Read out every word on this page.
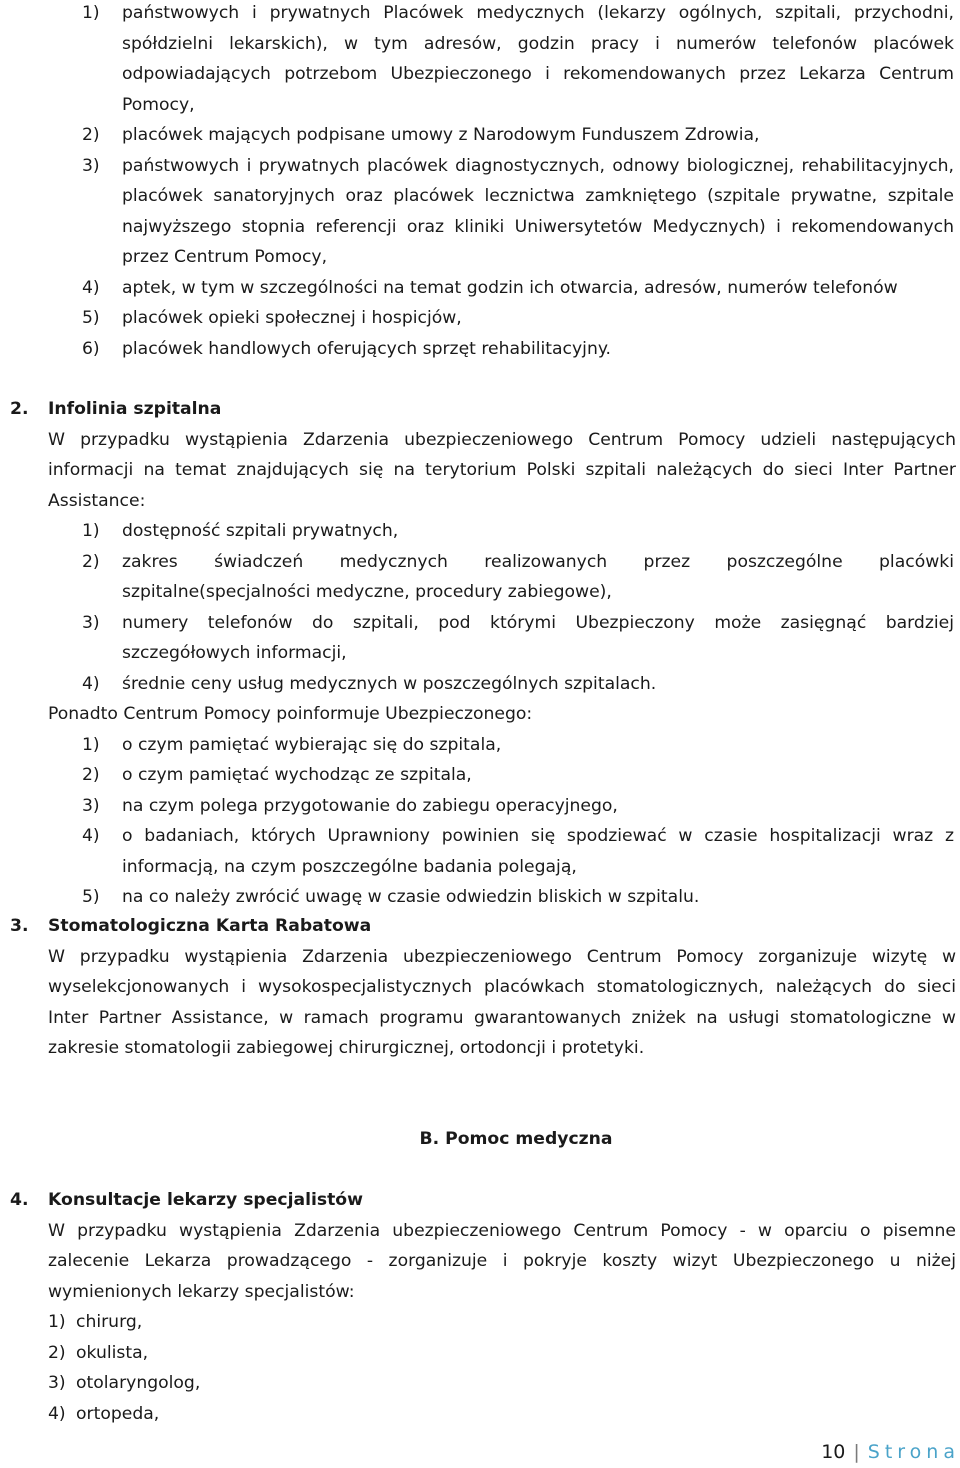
1)	państwowych i prywatnych Placówek medycznych (lekarzy ogólnych, szpitali, przychodni, spółdzielni lekarskich), w tym adresów, godzin pracy i numerów telefonów placówek odpowiadających potrzebom Ubezpieczonego i rekomendowanych przez Lekarza Centrum Pomocy,
2)	placówek mających podpisane umowy z Narodowym Funduszem Zdrowia,
3)	państwowych i prywatnych placówek diagnostycznych, odnowy biologicznej, rehabilitacyjnych, placówek sanatoryjnych oraz placówek lecznictwa zamkniętego (szpitale prywatne, szpitale najwyższego stopnia referencji oraz kliniki Uniwersytetów Medycznych) i rekomendowanych przez Centrum Pomocy,
4)	aptek, w tym w szczególności na temat godzin ich otwarcia, adresów, numerów telefonów
5)	placówek opieki społecznej i hospicjów,
6)	placówek handlowych oferujących sprzęt rehabilitacyjny.
2.	Infolinia szpitalna
W przypadku wystąpienia Zdarzenia ubezpieczeniowego Centrum Pomocy udzieli następujących informacji na temat znajdujących się na terytorium Polski szpitali należących do sieci Inter Partner Assistance:
1)	dostępność szpitali prywatnych,
2)	zakres świadczeń medycznych realizowanych przez poszczególne placówki szpitalne(specjalności medyczne, procedury zabiegowe),
3)	numery telefonów do szpitali, pod którymi Ubezpieczony może zasięgnąć bardziej szczegółowych informacji,
4)	średnie ceny usług medycznych w poszczególnych szpitalach.
Ponadto Centrum Pomocy poinformuje Ubezpieczonego:
1)	o czym pamiętać wybierając się do szpitala,
2)	o czym pamiętać wychodząc ze szpitala,
3)	na czym polega przygotowanie do zabiegu operacyjnego,
4)	o badaniach, których Uprawniony powinien się spodziewać w czasie hospitalizacji wraz z informacją, na czym poszczególne badania polegają,
5)	na co należy zwrócić uwagę w czasie odwiedzin bliskich w szpitalu.
3.	Stomatologiczna Karta Rabatowa
W przypadku wystąpienia Zdarzenia ubezpieczeniowego Centrum Pomocy zorganizuje wizytę w wyselekcjonowanych i wysokospecjalistycznych placówkach stomatologicznych, należących do sieci Inter Partner Assistance, w ramach programu gwarantowanych zniżek na usługi stomatologiczne w zakresie stomatologii zabiegowej chirurgicznej, ortodoncji i protetyki.
B. Pomoc medyczna
4.	Konsultacje lekarzy specjalistów
W przypadku wystąpienia Zdarzenia ubezpieczeniowego Centrum Pomocy - w oparciu o pisemne zalecenie Lekarza prowadzącego - zorganizuje i pokryje koszty wizyt Ubezpieczonego u niżej wymienionych lekarzy specjalistów:
1) chirurg,
2) okulista,
3) otolaryngolog,
4) ortopeda,
10 | Strona
